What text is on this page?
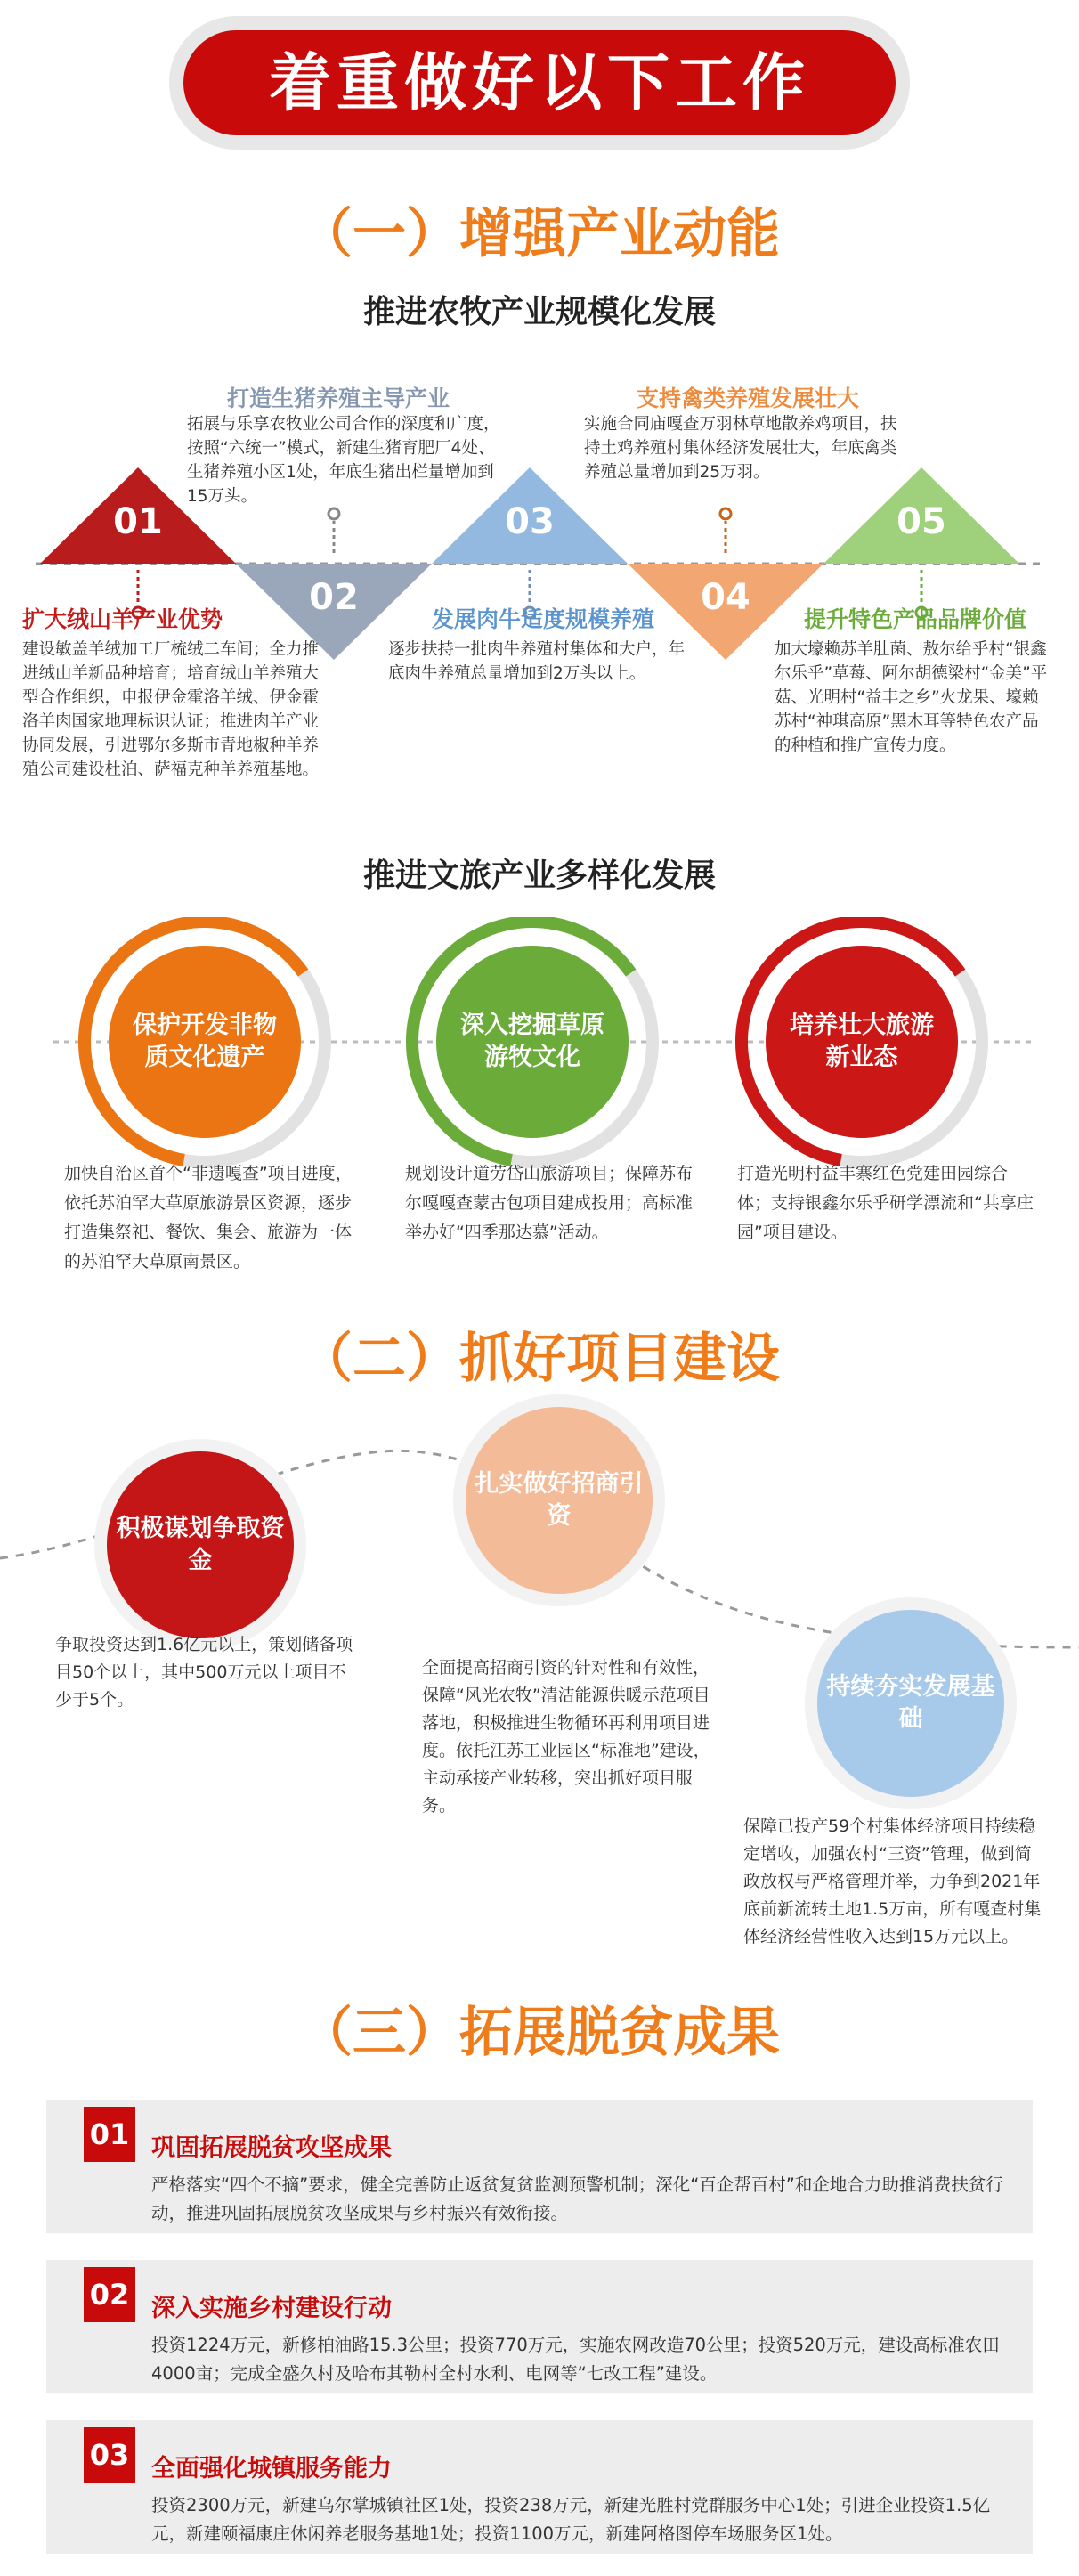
着重做好以下工作
（一）增强产业动能
推进农牧产业规模化发展
01
02
03
04
05
扩大绒山羊产业优势
建设敏盖羊绒加工厂梳绒二车间；全力推进绒山羊新品种培育；培育绒山羊养殖大型合作组织，申报伊金霍洛羊绒、伊金霍洛羊肉国家地理标识认证；推进肉羊产业协同发展，引进鄂尔多斯市青地椒种羊养殖公司建设杜泊、萨福克种羊养殖基地。
打造生猪养殖主导产业
拓展与乐享农牧业公司合作的深度和广度，按照“六统一”模式，新建生猪育肥厂4处、生猪养殖小区1处，年底生猪出栏量增加到15万头。
发展肉牛适度规模养殖
逐步扶持一批肉牛养殖村集体和大户，年底肉牛养殖总量增加到2万头以上。
支持禽类养殖发展壮大
实施合同庙嘎查万羽林草地散养鸡项目，扶持土鸡养殖村集体经济发展壮大，年底禽类养殖总量增加到25万羽。
提升特色产品品牌价值
加大壕赖苏羊肚菌、敖尔给乎村“银鑫尔乐乎”草莓、阿尔胡德梁村“金美”平菇、光明村“益丰之乡”火龙果、壕赖苏村“神琪高原”黑木耳等特色农产品的种植和推广宣传力度。
推进文旅产业多样化发展
保护开发非物质文化遗产
深入挖掘草原游牧文化
培养壮大旅游新业态
加快自治区首个“非遗嘎查”项目进度，依托苏泊罕大草原旅游景区资源，逐步打造集祭祀、餐饮、集会、旅游为一体的苏泊罕大草原南景区。
规划设计道劳岱山旅游项目；保障苏布尔嘎嘎查蒙古包项目建成投用；高标准举办好“四季那达慕”活动。
打造光明村益丰寨红色党建田园综合体；支持银鑫尔乐乎研学漂流和“共享庄园”项目建设。
（二）抓好项目建设
积极谋划争取资金
扎实做好招商引资
持续夯实发展基础
争取投资达到1.6亿元以上，策划储备项目50个以上，其中500万元以上项目不少于5个。
全面提高招商引资的针对性和有效性，保障“风光农牧”清洁能源供暖示范项目落地，积极推进生物循环再利用项目进度。依托江苏工业园区“标准地”建设，主动承接产业转移，突出抓好项目服务。
保障已投产59个村集体经济项目持续稳定增收，加强农村“三资”管理，做到简政放权与严格管理并举，力争到2021年底前新流转土地1.5万亩，所有嘎查村集体经济经营性收入达到15万元以上。
（三）拓展脱贫成果
01 巩固拓展脱贫攻坚成果
严格落实“四个不摘”要求，健全完善防止返贫复贫监测预警机制；深化“百企帮百村”和企地合力助推消费扶贫行动，推进巩固拓展脱贫攻坚成果与乡村振兴有效衔接。
02 深入实施乡村建设行动
投资1224万元，新修柏油路15.3公里；投资770万元，实施农网改造70公里；投资520万元，建设高标准农田4000亩；完成全盛久村及哈布其勒村全村水利、电网等“七改工程”建设。
03 全面强化城镇服务能力
投资2300万元，新建乌尔掌城镇社区1处，投资238万元，新建光胜村党群服务中心1处；引进企业投资1.5亿元，新建颐福康庄休闲养老服务基地1处；投资1100万元，新建阿格图停车场服务区1处。
